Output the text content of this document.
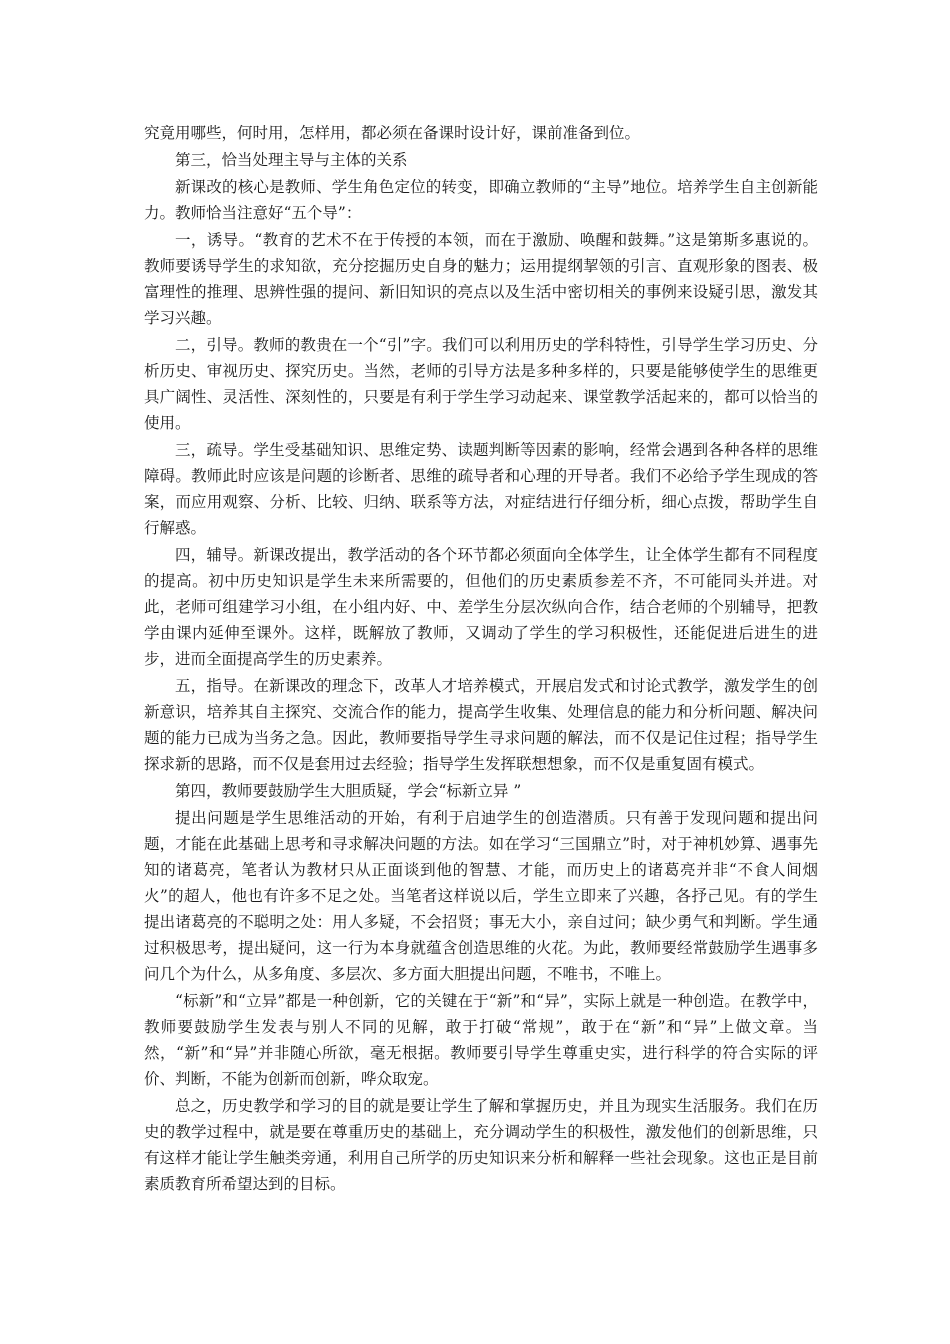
究竟用哪些，何时用，怎样用，都必须在备课时设计好，课前准备到位。

第三，恰当处理主导与主体的关系

新课改的核心是教师、学生角色定位的转变，即确立教师的“主导”地位。培养学生自主创新能力。教师恰当注意好“五个导”：

一，诱导。“教育的艺术不在于传授的本领，而在于激励、唤醒和鼓舞。”这是第斯多惠说的。教师要诱导学生的求知欲，充分挖掘历史自身的魅力；运用提纲挈领的引言、直观形象的图表、极富理性的推理、思辨性强的提问、新旧知识的亮点以及生活中密切相关的事例来设疑引思，激发其学习兴趣。

二，引导。教师的教贵在一个“引”字。我们可以利用历史的学科特性，引导学生学习历史、分析历史、审视历史、探究历史。当然，老师的引导方法是多种多样的，只要是能够使学生的思维更具广阔性、灵活性、深刻性的，只要是有利于学生学习动起来、课堂教学活起来的，都可以恰当的使用。

三，疏导。学生受基础知识、思维定势、读题判断等因素的影响，经常会遇到各种各样的思维障碍。教师此时应该是问题的诊断者、思维的疏导者和心理的开导者。我们不必给予学生现成的答案，而应用观察、分析、比较、归纳、联系等方法，对症结进行仔细分析，细心点拨，帮助学生自行解惑。

四，辅导。新课改提出，教学活动的各个环节都必须面向全体学生，让全体学生都有不同程度的提高。初中历史知识是学生未来所需要的，但他们的历史素质参差不齐，不可能同头并进。对此，老师可组建学习小组，在小组内好、中、差学生分层次纵向合作，结合老师的个别辅导，把教学由课内延伸至课外。这样，既解放了教师，又调动了学生的学习积极性，还能促进后进生的进步，进而全面提高学生的历史素养。

五，指导。在新课改的理念下，改革人才培养模式，开展启发式和讨论式教学，激发学生的创新意识，培养其自主探究、交流合作的能力，提高学生收集、处理信息的能力和分析问题、解决问题的能力已成为当务之急。因此，教师要指导学生寻求问题的解法，而不仅是记住过程；指导学生探求新的思路，而不仅是套用过去经验；指导学生发挥联想想象，而不仅是重复固有模式。

第四，教师要鼓励学生大胆质疑，学会“标新立异 ”

提出问题是学生思维活动的开始，有利于启迪学生的创造潜质。只有善于发现问题和提出问题，才能在此基础上思考和寻求解决问题的方法。如在学习“三国鼎立”时，对于神机妙算、遇事先知的诸葛亮，笔者认为教材只从正面谈到他的智慧、才能，而历史上的诸葛亮并非“不食人间烟火”的超人，他也有许多不足之处。当笔者这样说以后，学生立即来了兴趣，各抒己见。有的学生提出诸葛亮的不聪明之处：用人多疑，不会招贤；事无大小，亲自过问；缺少勇气和判断。学生通过积极思考，提出疑问，这一行为本身就蕴含创造思维的火花。为此，教师要经常鼓励学生遇事多问几个为什么，从多角度、多层次、多方面大胆提出问题，不唯书，不唯上。

“标新”和“立异”都是一种创新，它的关键在于“新”和“异”，实际上就是一种创造。在教学中，教师要鼓励学生发表与别人不同的见解，敢于打破“常规”，敢于在“新”和“异”上做文章。当然，“新”和“异”并非随心所欲，毫无根据。教师要引导学生尊重史实，进行科学的符合实际的评价、判断，不能为创新而创新，哗众取宠。

总之，历史教学和学习的目的就是要让学生了解和掌握历史，并且为现实生活服务。我们在历史的教学过程中，就是要在尊重历史的基础上，充分调动学生的积极性，激发他们的创新思维，只有这样才能让学生触类旁通，利用自己所学的历史知识来分析和解释一些社会现象。这也正是目前素质教育所希望达到的目标。
